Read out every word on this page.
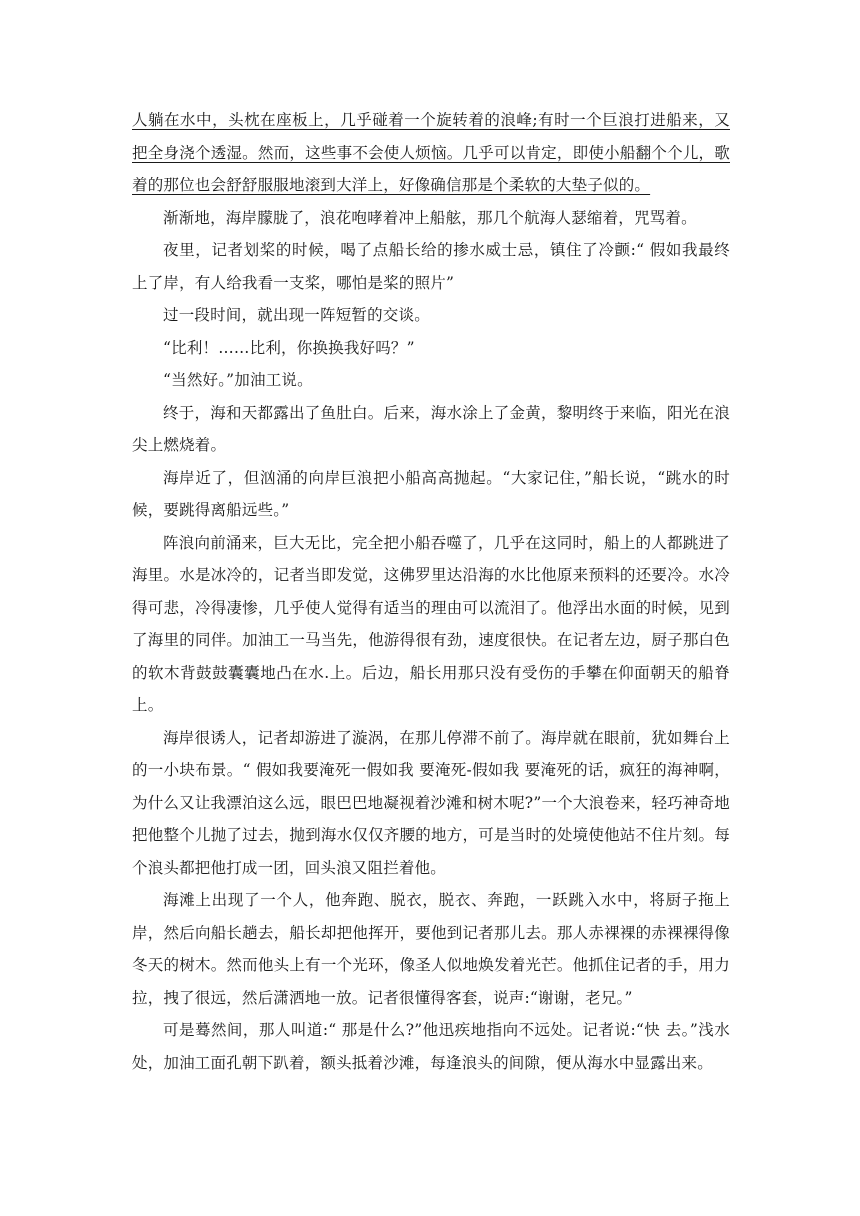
人躺在水中，头枕在座板上，几乎碰着一个旋转着的浪峰;有时一个巨浪打进船来，又把全身浇个透湿。然而，这些事不会使人烦恼。几乎可以肯定，即使小船翻个个儿，歌着的那位也会舒舒服服地滚到大洋上，好像确信那是个柔软的大垫子似的。

渐渐地，海岸朦胧了，浪花咆哮着冲上船舷，那几个航海人瑟缩着，咒骂着。

夜里，记者划桨的时候，喝了点船长给的掺水威士忌，镇住了冷颤:“ 假如我最终上了岸，有人给我看一支桨，哪怕是桨的照片”

过一段时间，就出现一阵短暂的交谈。

“比利！……比利，你换换我好吗？”

“当然好。”加油工说。

终于，海和天都露出了鱼肚白。后来，海水涂上了金黄，黎明终于来临，阳光在浪尖上燃烧着。

海岸近了，但汹涌的向岸巨浪把小船高高抛起。“大家记住，”船长说，“跳水的时候，要跳得离船远些。”

阵浪向前涌来，巨大无比，完全把小船吞噬了，几乎在这同时，船上的人都跳进了海里。水是冰冷的，记者当即发觉，这佛罗里达沿海的水比他原来预料的还要冷。水冷得可悲，冷得凄惨，几乎使人觉得有适当的理由可以流泪了。他浮出水面的时候，见到了海里的同伴。加油工一马当先，他游得很有劲，速度很快。在记者左边，厨子那白色的软木背鼓鼓囊囊地凸在水.上。后边，船长用那只没有受伤的手攀在仰面朝天的船脊上。

海岸很诱人，记者却游进了漩涡，在那儿停滞不前了。海岸就在眼前，犹如舞台上的一小块布景。“ 假如我要淹死一假如我 要淹死-假如我 要淹死的话，疯狂的海神啊，为什么又让我漂泊这么远，眼巴巴地凝视着沙滩和树木呢?”一个大浪卷来，轻巧神奇地把他整个儿抛了过去，抛到海水仅仅齐腰的地方，可是当时的处境使他站不住片刻。每个浪头都把他打成一团，回头浪又阻拦着他。

海滩上出现了一个人，他奔跑、脱衣，脱衣、奔跑，一跃跳入水中，将厨子拖上岸，然后向船长趟去，船长却把他挥开，要他到记者那儿去。那人赤裸裸的赤裸裸得像冬天的树木。然而他头上有一个光环，像圣人似地焕发着光芒。他抓住记者的手，用力拉，拽了很远，然后潇洒地一放。记者很懂得客套，说声:“谢谢，老兄。”

可是蓦然间，那人叫道:“ 那是什么?”他迅疾地指向不远处。记者说:“快 去。”浅水处，加油工面孔朝下趴着，额头抵着沙滩，每逢浪头的间隙，便从海水中显露出来。
